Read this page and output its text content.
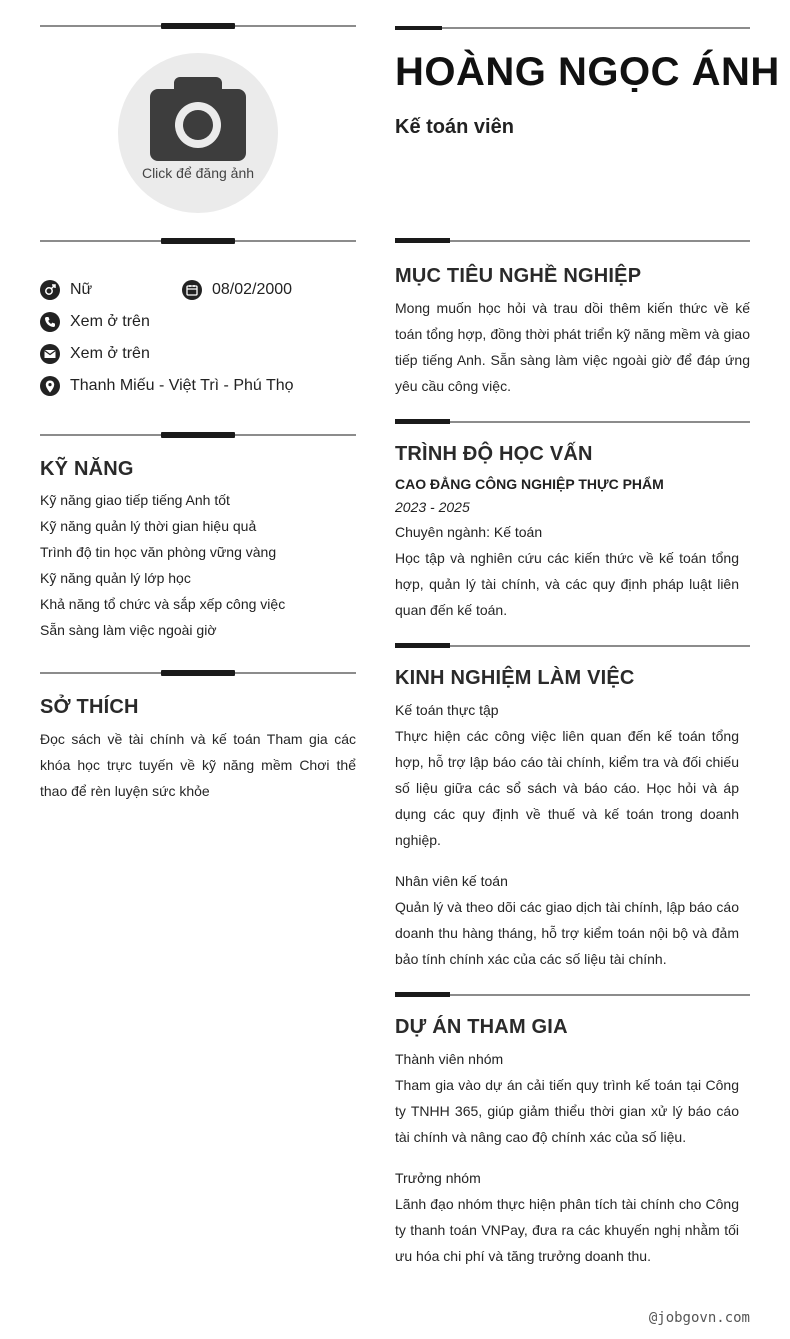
Click để đăng ảnh
Nữ	08/02/2000
Xem ở trên
Xem ở trên
Thanh Miếu - Việt Trì - Phú Thọ
KỸ NĂNG
Kỹ năng giao tiếp tiếng Anh tốt
Kỹ năng quản lý thời gian hiệu quả
Trình độ tin học văn phòng vững vàng
Kỹ năng quản lý lớp học
Khả năng tổ chức và sắp xếp công việc
Sẵn sàng làm việc ngoài giờ
SỞ THÍCH

Đọc sách về tài chính và kế toán Tham gia các khóa học trực tuyến về kỹ năng mềm Chơi thể thao để rèn luyện sức khỏe

HOÀNG NGỌC ÁNH
Kế toán viên
MỤC TIÊU NGHỀ NGHIỆP

Mong muốn học hỏi và trau dồi thêm kiến thức về kế toán tổng hợp, đồng thời phát triển kỹ năng mềm và giao tiếp tiếng Anh. Sẵn sàng làm việc ngoài giờ để đáp ứng yêu cầu công việc.

TRÌNH ĐỘ HỌC VẤN
CAO ĐẲNG CÔNG NGHIỆP THỰC PHẨM
2023 - 2025
Chuyên ngành: Kế toán

Học tập và nghiên cứu các kiến thức về kế toán tổng hợp, quản lý tài chính, và các quy định pháp luật liên quan đến kế toán.

KINH NGHIỆM LÀM VIỆC
Kế toán thực tập

Thực hiện các công việc liên quan đến kế toán tổng hợp, hỗ trợ lập báo cáo tài chính, kiểm tra và đối chiếu số liệu giữa các sổ sách và báo cáo. Học hỏi và áp dụng các quy định về thuế và kế toán trong doanh nghiệp.

Nhân viên kế toán

Quản lý và theo dõi các giao dịch tài chính, lập báo cáo doanh thu hàng tháng, hỗ trợ kiểm toán nội bộ và đảm bảo tính chính xác của các số liệu tài chính.

DỰ ÁN THAM GIA
Thành viên nhóm

Tham gia vào dự án cải tiến quy trình kế toán tại Công ty TNHH 365, giúp giảm thiểu thời gian xử lý báo cáo tài chính và nâng cao độ chính xác của số liệu.

Trưởng nhóm

Lãnh đạo nhóm thực hiện phân tích tài chính cho Công ty thanh toán VNPay, đưa ra các khuyến nghị nhằm tối ưu hóa chi phí và tăng trưởng doanh thu.

@jobgovn.com
